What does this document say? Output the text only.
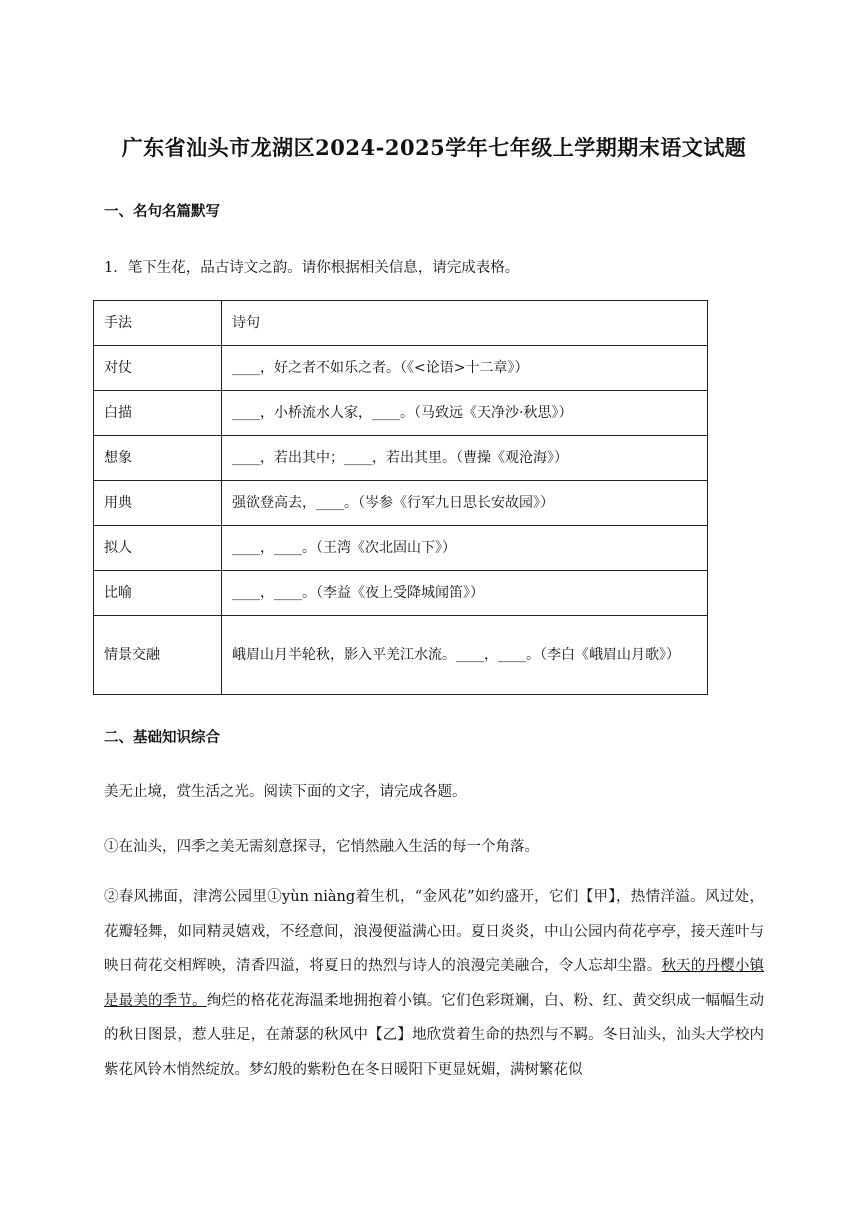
广东省汕头市龙湖区2024-2025学年七年级上学期期末语文试题
一、名句名篇默写
1．笔下生花，品古诗文之韵。请你根据相关信息，请完成表格。
手法	诗句
对仗	____，好之者不如乐之者。（《<论语>十二章》）
白描	____，小桥流水人家，____。（马致远《天净沙·秋思》）
想象	____，若出其中；____，若出其里。（曹操《观沧海》）
用典	强欲登高去，____。（岑参《行军九日思长安故园》）
拟人	____，____。（王湾《次北固山下》）
比喻	____，____。（李益《夜上受降城闻笛》）
情景交融	峨眉山月半轮秋，影入平羌江水流。____，____。（李白《峨眉山月歌》）
二、基础知识综合
美无止境，赏生活之光。阅读下面的文字，请完成各题。
①在汕头，四季之美无需刻意探寻，它悄然融入生活的每一个角落。
②春风拂面，津湾公园里①yùn niàng着生机，“金风花”如约盛开，它们【甲】，热情洋溢。风过处，花瓣轻舞，如同精灵嬉戏，不经意间，浪漫便溢满心田。夏日炎炎，中山公园内荷花亭亭，接天莲叶与映日荷花交相辉映，清香四溢，将夏日的热烈与诗人的浪漫完美融合，令人忘却尘嚣。秋天的丹樱小镇是最美的季节。绚烂的格花花海温柔地拥抱着小镇。它们色彩斑斓，白、粉、红、黄交织成一幅幅生动的秋日图景，惹人驻足，在萧瑟的秋风中【乙】地欣赏着生命的热烈与不羁。冬日汕头，汕头大学校内紫花风铃木悄然绽放。梦幻般的紫粉色在冬日暖阳下更显妩媚，满树繁花似
